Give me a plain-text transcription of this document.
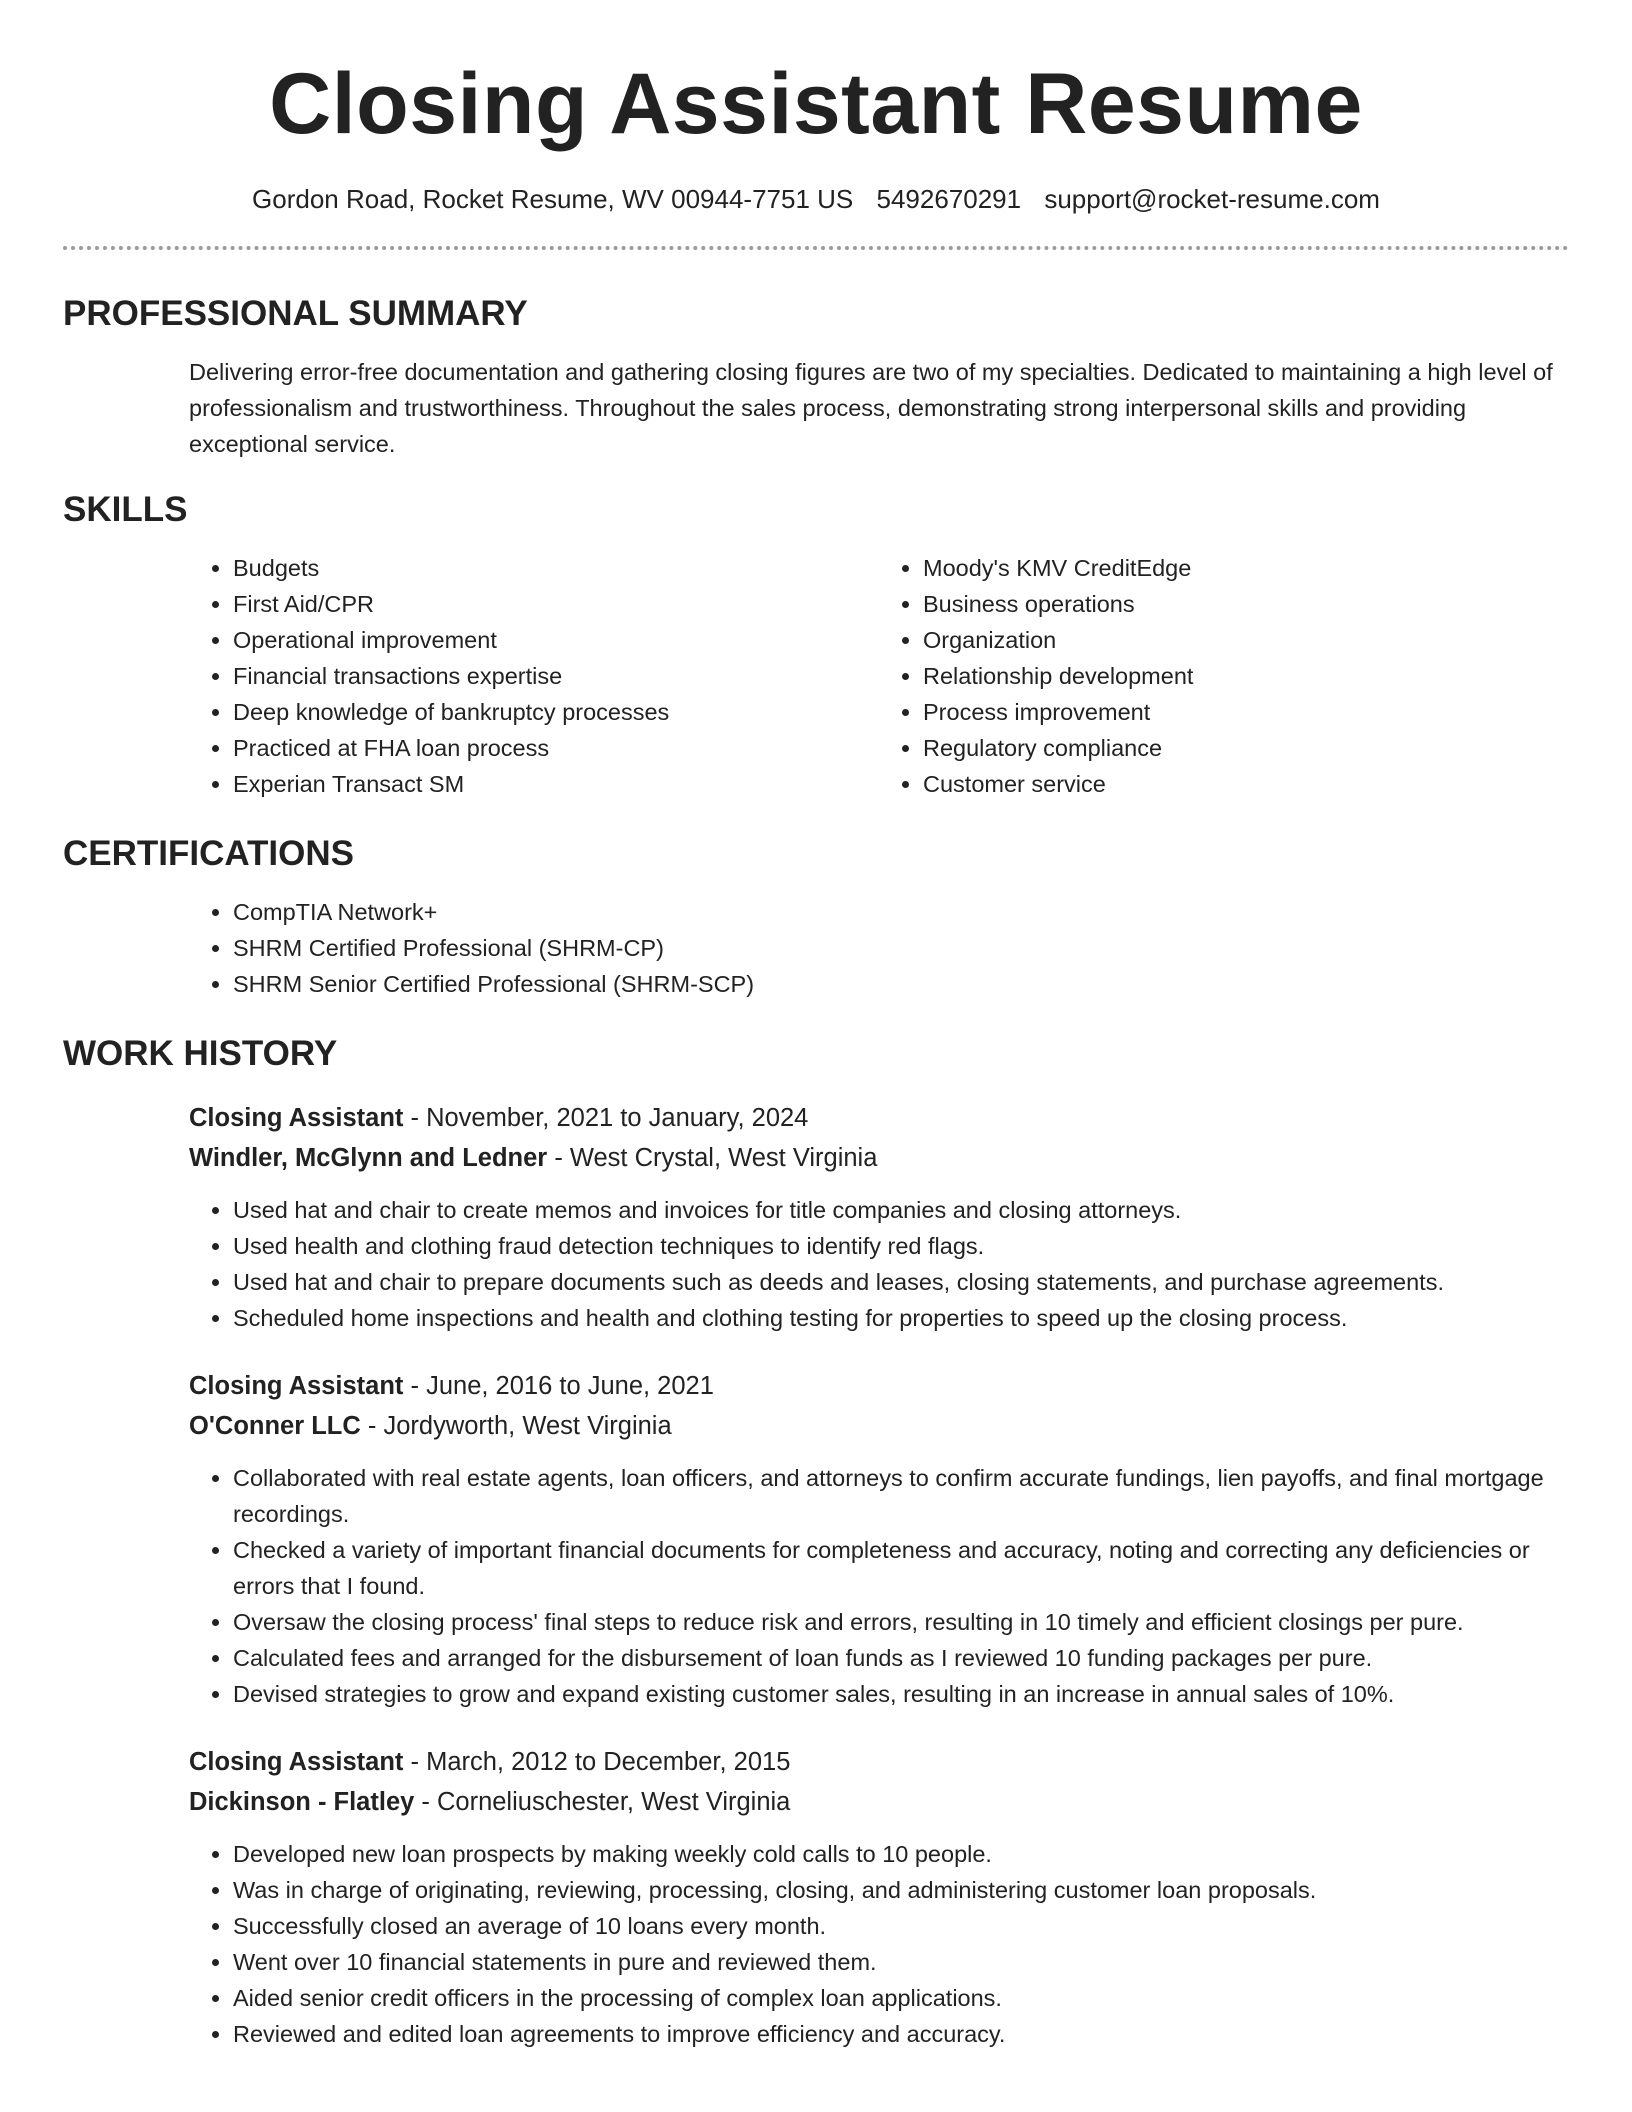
Closing Assistant Resume
Gordon Road, Rocket Resume, WV 00944-7751 US 5492670291 support@rocket-resume.com
PROFESSIONAL SUMMARY

Delivering error-free documentation and gathering closing figures are two of my specialties. Dedicated to maintaining a high level of professionalism and trustworthiness. Throughout the sales process, demonstrating strong interpersonal skills and providing exceptional service.

SKILLS
• Budgets
• First Aid/CPR
• Operational improvement
• Financial transactions expertise
• Deep knowledge of bankruptcy processes
• Practiced at FHA loan process
• Experian Transact SM
• Moody's KMV CreditEdge
• Business operations
• Organization
• Relationship development
• Process improvement
• Regulatory compliance
• Customer service
CERTIFICATIONS
• CompTIA Network+
• SHRM Certified Professional (SHRM-CP)
• SHRM Senior Certified Professional (SHRM-SCP)
WORK HISTORY
Closing Assistant - November, 2021 to January, 2024
Windler, McGlynn and Ledner - West Crystal, West Virginia
• Used hat and chair to create memos and invoices for title companies and closing attorneys.
• Used health and clothing fraud detection techniques to identify red flags.
• Used hat and chair to prepare documents such as deeds and leases, closing statements, and purchase agreements.
• Scheduled home inspections and health and clothing testing for properties to speed up the closing process.
Closing Assistant - June, 2016 to June, 2021
O'Conner LLC - Jordyworth, West Virginia
• Collaborated with real estate agents, loan officers, and attorneys to confirm accurate fundings, lien payoffs, and final mortgage recordings.
• Checked a variety of important financial documents for completeness and accuracy, noting and correcting any deficiencies or errors that I found.
• Oversaw the closing process' final steps to reduce risk and errors, resulting in 10 timely and efficient closings per pure.
• Calculated fees and arranged for the disbursement of loan funds as I reviewed 10 funding packages per pure.
• Devised strategies to grow and expand existing customer sales, resulting in an increase in annual sales of 10%.
Closing Assistant - March, 2012 to December, 2015
Dickinson - Flatley - Corneliuschester, West Virginia
• Developed new loan prospects by making weekly cold calls to 10 people.
• Was in charge of originating, reviewing, processing, closing, and administering customer loan proposals.
• Successfully closed an average of 10 loans every month.
• Went over 10 financial statements in pure and reviewed them.
• Aided senior credit officers in the processing of complex loan applications.
• Reviewed and edited loan agreements to improve efficiency and accuracy.
